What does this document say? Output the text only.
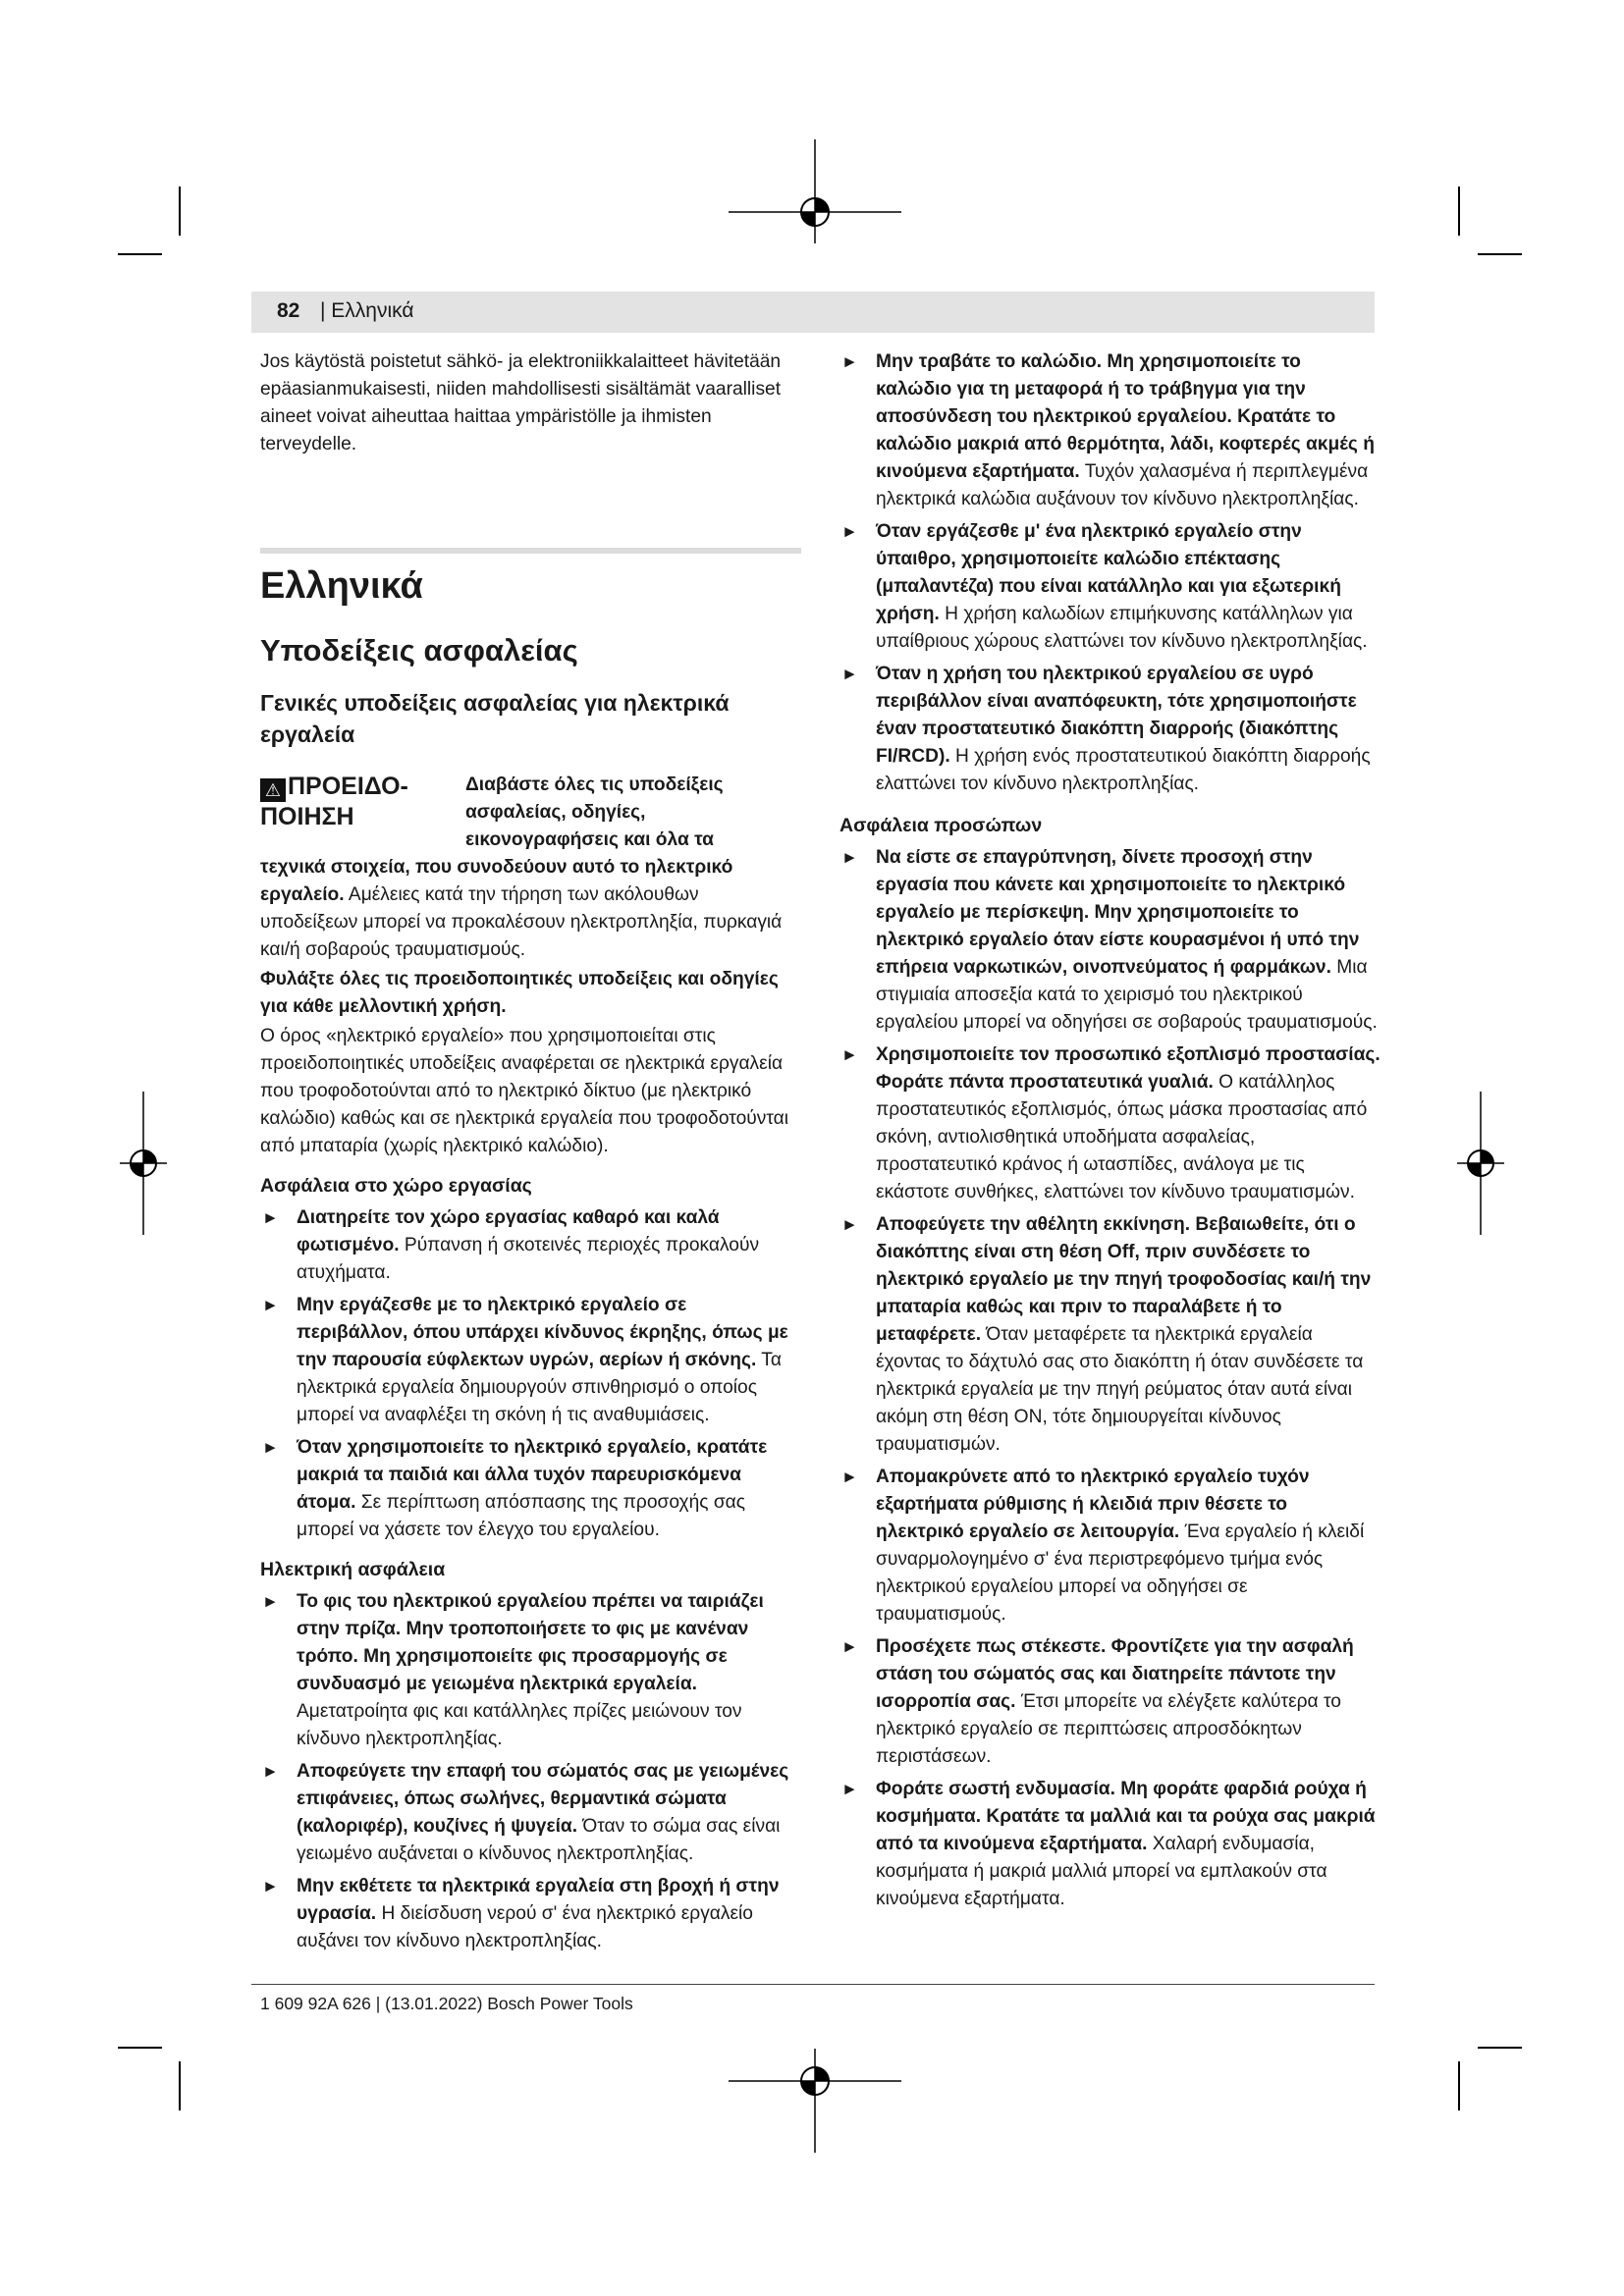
82 | Ελληνικά

Jos käytöstä poistetut sähkö- ja elektroniikkalaitteet hävitetään epäasianmukaisesti, niiden mahdollisesti sisältämät vaaralliset aineet voivat aiheuttaa haittaa ympäristölle ja ihmisten terveydelle.

Ελληνικά
Υποδείξεις ασφαλείας
Γενικές υποδείξεις ασφαλείας για ηλεκτρικά εργαλεία
⚠ ΠΡΟΕΙΔΟ-
ΠΟΙΗΣΗ
Διαβάστε όλες τις υποδείξεις ασφαλείας, οδηγίες, εικονογραφήσεις και όλα τα

τεχνικά στοιχεία, που συνοδεύουν αυτό το ηλεκτρικό εργαλείο. Αμέλειες κατά την τήρηση των ακόλουθων υποδείξεων μπορεί να προκαλέσουν ηλεκτροπληξία, πυρκαγιά και/ή σοβαρούς τραυματισμούς.

Φυλάξτε όλες τις προειδοποιητικές υποδείξεις και οδηγίες για κάθε μελλοντική χρήση.

Ο όρος «ηλεκτρικό εργαλείο» που χρησιμοποιείται στις προειδοποιητικές υποδείξεις αναφέρεται σε ηλεκτρικά εργαλεία που τροφοδοτούνται από το ηλεκτρικό δίκτυο (με ηλεκτρικό καλώδιο) καθώς και σε ηλεκτρικά εργαλεία που τροφοδοτούνται από μπαταρία (χωρίς ηλεκτρικό καλώδιο).

Ασφάλεια στο χώρο εργασίας
► Διατηρείτε τον χώρο εργασίας καθαρό και καλά φωτισμένο. Ρύπανση ή σκοτεινές περιοχές προκαλούν ατυχήματα.
► Μην εργάζεσθε με το ηλεκτρικό εργαλείο σε περιβάλλον, όπου υπάρχει κίνδυνος έκρηξης, όπως με την παρουσία εύφλεκτων υγρών, αερίων ή σκόνης. Τα ηλεκτρικά εργαλεία δημιουργούν σπινθηρισμό ο οποίος μπορεί να αναφλέξει τη σκόνη ή τις αναθυμιάσεις.
► Όταν χρησιμοποιείτε το ηλεκτρικό εργαλείο, κρατάτε μακριά τα παιδιά και άλλα τυχόν παρευρισκόμενα άτομα. Σε περίπτωση απόσπασης της προσοχής σας μπορεί να χάσετε τον έλεγχο του εργαλείου.
Ηλεκτρική ασφάλεια
► Το φις του ηλεκτρικού εργαλείου πρέπει να ταιριάζει στην πρίζα. Μην τροποποιήσετε το φις με κανέναν τρόπο. Μη χρησιμοποιείτε φις προσαρμογής σε συνδυασμό με γειωμένα ηλεκτρικά εργαλεία. Αμετατροίητα φις και κατάλληλες πρίζες μειώνουν τον κίνδυνο ηλεκτροπληξίας.
► Αποφεύγετε την επαφή του σώματός σας με γειωμένες επιφάνειες, όπως σωλήνες, θερμαντικά σώματα (καλοριφέρ), κουζίνες ή ψυγεία. Όταν το σώμα σας είναι γειωμένο αυξάνεται ο κίνδυνος ηλεκτροπληξίας.
► Μην εκθέτετε τα ηλεκτρικά εργαλεία στη βροχή ή στην υγρασία. Η διείσδυση νερού σ' ένα ηλεκτρικό εργαλείο αυξάνει τον κίνδυνο ηλεκτροπληξίας.
► Μην τραβάτε το καλώδιο. Μη χρησιμοποιείτε το καλώδιο για τη μεταφορά ή το τράβηγμα για την αποσύνδεση του ηλεκτρικού εργαλείου. Κρατάτε το καλώδιο μακριά από θερμότητα, λάδι, κοφτερές ακμές ή κινούμενα εξαρτήματα. Τυχόν χαλασμένα ή περιπλεγμένα ηλεκτρικά καλώδια αυξάνουν τον κίνδυνο ηλεκτροπληξίας.
► Όταν εργάζεσθε μ' ένα ηλεκτρικό εργαλείο στην ύπαιθρο, χρησιμοποιείτε καλώδιο επέκτασης (μπαλαντέζα) που είναι κατάλληλο και για εξωτερική χρήση. Η χρήση καλωδίων επιμήκυνσης κατάλληλων για υπαίθριους χώρους ελαττώνει τον κίνδυνο ηλεκτροπληξίας.
► Όταν η χρήση του ηλεκτρικού εργαλείου σε υγρό περιβάλλον είναι αναπόφευκτη, τότε χρησιμοποιήστε έναν προστατευτικό διακόπτη διαρροής (διακόπτης FI/RCD). Η χρήση ενός προστατευτικού διακόπτη διαρροής ελαττώνει τον κίνδυνο ηλεκτροπληξίας.
Ασφάλεια προσώπων
► Να είστε σε επαγρύπνηση, δίνετε προσοχή στην εργασία που κάνετε και χρησιμοποιείτε το ηλεκτρικό εργαλείο με περίσκεψη. Μην χρησιμοποιείτε το ηλεκτρικό εργαλείο όταν είστε κουρασμένοι ή υπό την επήρεια ναρκωτικών, οινοπνεύματος ή φαρμάκων. Μια στιγμιαία αποσεξία κατά το χειρισμό του ηλεκτρικού εργαλείου μπορεί να οδηγήσει σε σοβαρούς τραυματισμούς.
► Χρησιμοποιείτε τον προσωπικό εξοπλισμό προστασίας. Φοράτε πάντα προστατευτικά γυαλιά. Ο κατάλληλος προστατευτικός εξοπλισμός, όπως μάσκα προστασίας από σκόνη, αντιολισθητικά υποδήματα ασφαλείας, προστατευτικό κράνος ή ωτασπίδες, ανάλογα με τις εκάστοτε συνθήκες, ελαττώνει τον κίνδυνο τραυματισμών.
► Αποφεύγετε την αθέλητη εκκίνηση. Βεβαιωθείτε, ότι ο διακόπτης είναι στη θέση Off, πριν συνδέσετε το ηλεκτρικό εργαλείο με την πηγή τροφοδοσίας και/ή την μπαταρία καθώς και πριν το παραλάβετε ή το μεταφέρετε. Όταν μεταφέρετε τα ηλεκτρικά εργαλεία έχοντας το δάχτυλό σας στο διακόπτη ή όταν συνδέσετε τα ηλεκτρικά εργαλεία με την πηγή ρεύματος όταν αυτά είναι ακόμη στη θέση ON, τότε δημιουργείται κίνδυνος τραυματισμών.
► Απομακρύνετε από το ηλεκτρικό εργαλείο τυχόν εξαρτήματα ρύθμισης ή κλειδιά πριν θέσετε το ηλεκτρικό εργαλείο σε λειτουργία. Ένα εργαλείο ή κλειδί συναρμολογημένο σ' ένα περιστρεφόμενο τμήμα ενός ηλεκτρικού εργαλείου μπορεί να οδηγήσει σε τραυματισμούς.
► Προσέχετε πως στέκεστε. Φροντίζετε για την ασφαλή στάση του σώματός σας και διατηρείτε πάντοτε την ισορροπία σας. Έτσι μπορείτε να ελέγξετε καλύτερα το ηλεκτρικό εργαλείο σε περιπτώσεις απροσδόκητων περιστάσεων.
► Φοράτε σωστή ενδυμασία. Μη φοράτε φαρδιά ρούχα ή κοσμήματα. Κρατάτε τα μαλλιά και τα ρούχα σας μακριά από τα κινούμενα εξαρτήματα. Χαλαρή ενδυμασία, κοσμήματα ή μακριά μαλλιά μπορεί να εμπλακούν στα κινούμενα εξαρτήματα.
1 609 92A 626 | (13.01.2022) Bosch Power Tools
